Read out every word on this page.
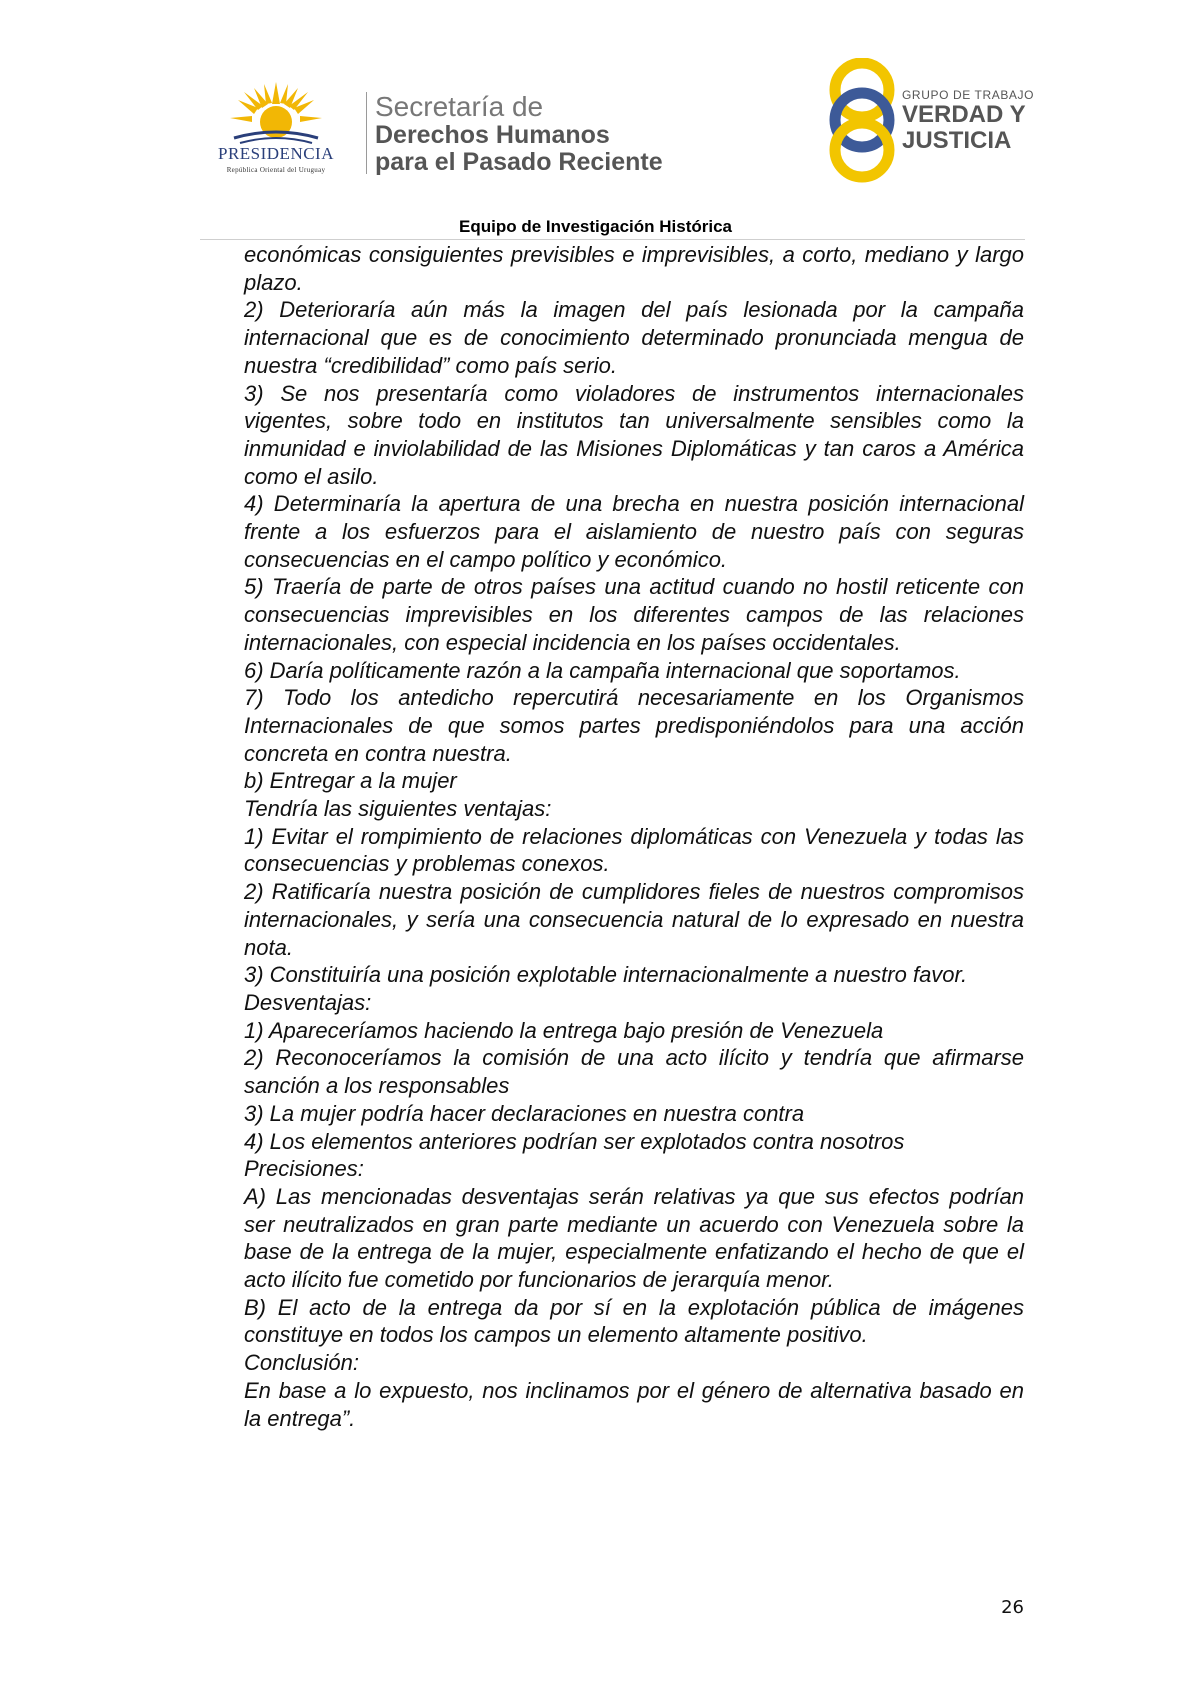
PRESIDENCIA
República Oriental del Uruguay
Secretaría de
Derechos Humanos
para el Pasado Reciente
GRUPO DE TRABAJO
VERDAD Y
JUSTICIA
Equipo de Investigación Histórica

económicas consiguientes previsibles e imprevisibles, a corto, mediano y largo plazo.

2) Deterioraría aún más la imagen del país lesionada por la campaña internacional que es de conocimiento determinado pronunciada mengua de nuestra “credibilidad” como país serio.

3) Se nos presentaría como violadores de instrumentos internacionales vigentes, sobre todo en institutos tan universalmente sensibles como la inmunidad e inviolabilidad de las Misiones Diplomáticas y tan caros a América como el asilo.

4) Determinaría la apertura de una brecha en nuestra posición internacional frente a los esfuerzos para el aislamiento de nuestro país con seguras consecuencias en el campo político y económico.

5) Traería de parte de otros países una actitud cuando no hostil reticente con consecuencias imprevisibles en los diferentes campos de las relaciones internacionales, con especial incidencia en los países occidentales.

6) Daría políticamente razón a la campaña internacional que soportamos.

7) Todo los antedicho repercutirá necesariamente en los Organismos Internacionales de que somos partes predisponiéndolos para una acción concreta en contra nuestra.

b) Entregar a la mujer

Tendría las siguientes ventajas:

1) Evitar el rompimiento de relaciones diplomáticas con Venezuela y todas las consecuencias y problemas conexos.

2) Ratificaría nuestra posición de cumplidores fieles de nuestros compromisos internacionales, y sería una consecuencia natural de lo expresado en nuestra nota.

3) Constituiría una posición explotable internacionalmente a nuestro favor.

Desventajas:

1) Apareceríamos haciendo la entrega bajo presión de Venezuela

2) Reconoceríamos la comisión de una acto ilícito y tendría que afirmarse sanción a los responsables

3) La mujer podría hacer declaraciones en nuestra contra

4) Los elementos anteriores podrían ser explotados contra nosotros

Precisiones:

A) Las mencionadas desventajas serán relativas ya que sus efectos podrían ser neutralizados en gran parte mediante un acuerdo con Venezuela sobre la base de la entrega de la mujer, especialmente enfatizando el hecho de que el acto ilícito fue cometido por funcionarios de jerarquía menor.

B) El acto de la entrega da por sí en la explotación pública de imágenes constituye en todos los campos un elemento altamente positivo.

Conclusión:

En base a lo expuesto, nos inclinamos por el género de alternativa basado en la entrega”.

26
